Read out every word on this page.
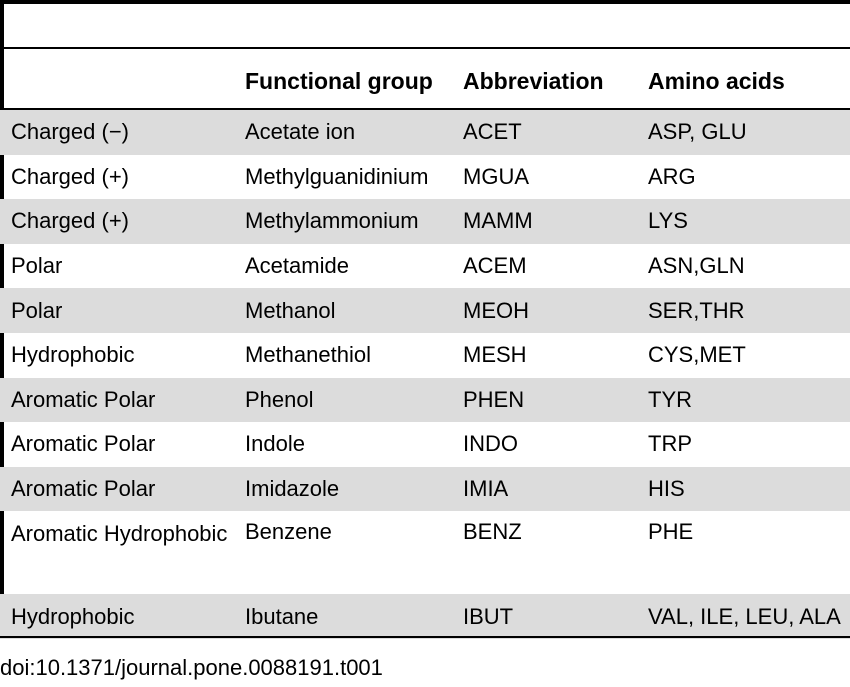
	Functional group	Abbreviation	Amino acids

Charged (−)	Acetate ion	ACET	ASP, GLU
Charged (+)	Methylguanidinium	MGUA	ARG
Charged (+)	Methylammonium	MAMM	LYS
Polar	Acetamide	ACEM	ASN,GLN
Polar	Methanol	MEOH	SER,THR
Hydrophobic	Methanethiol	MESH	CYS,MET
Aromatic Polar	Phenol	PHEN	TYR
Aromatic Polar	Indole	INDO	TRP
Aromatic Polar	Imidazole	IMIA	HIS
Aromatic Hydrophobic	Benzene	BENZ	PHE
Hydrophobic	Ibutane	IBUT	VAL, ILE, LEU, ALA
doi:10.1371/journal.pone.0088191.t001
